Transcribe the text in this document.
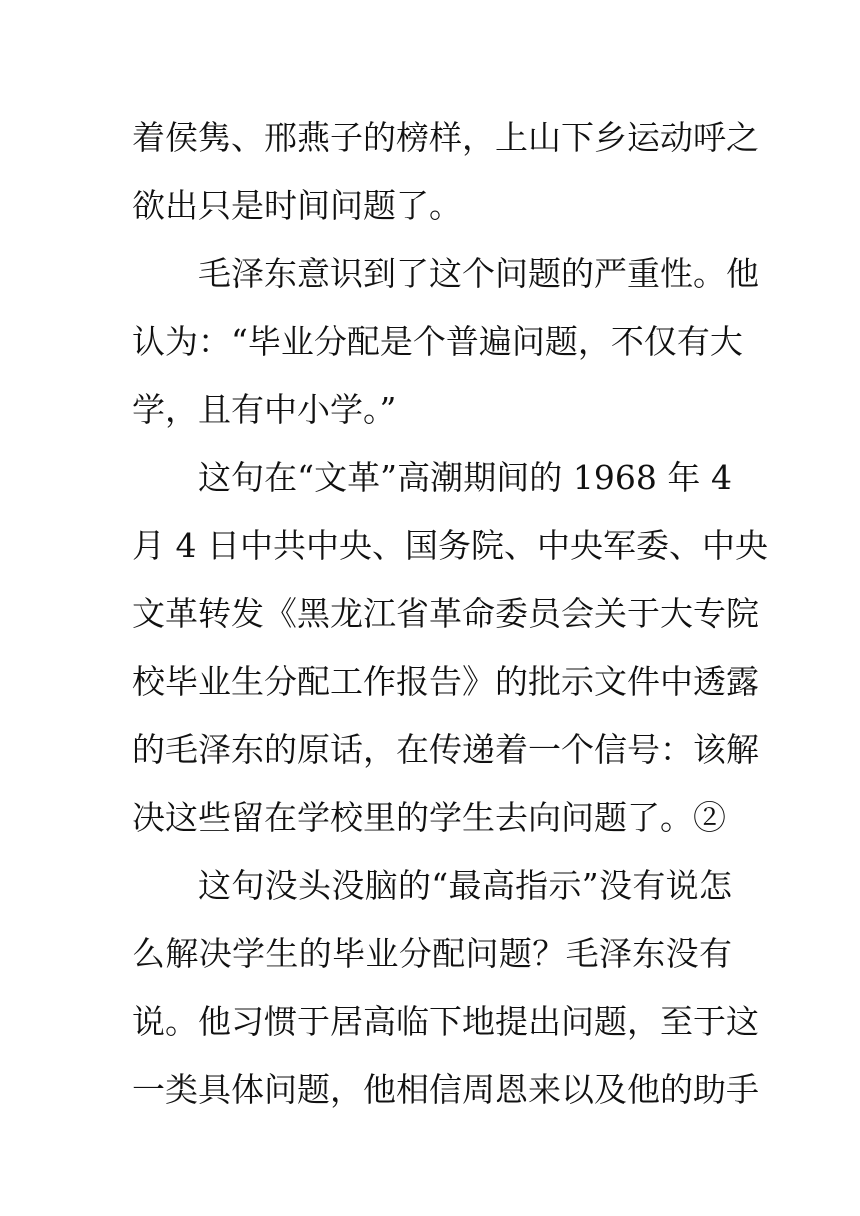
着侯隽、邢燕子的榜样，上山下乡运动呼之
欲出只是时间问题了。
毛泽东意识到了这个问题的严重性。他
认为：“毕业分配是个普遍问题，不仅有大
学，且有中小学。”
这句在“文革”高潮期间的 1968 年 4
月 4 日中共中央、国务院、中央军委、中央
文革转发《黑龙江省革命委员会关于大专院
校毕业生分配工作报告》的批示文件中透露
的毛泽东的原话，在传递着一个信号：该解
决这些留在学校里的学生去向问题了。②
这句没头没脑的“最高指示”没有说怎
么解决学生的毕业分配问题？毛泽东没有
说。他习惯于居高临下地提出问题，至于这
一类具体问题，他相信周恩来以及他的助手
